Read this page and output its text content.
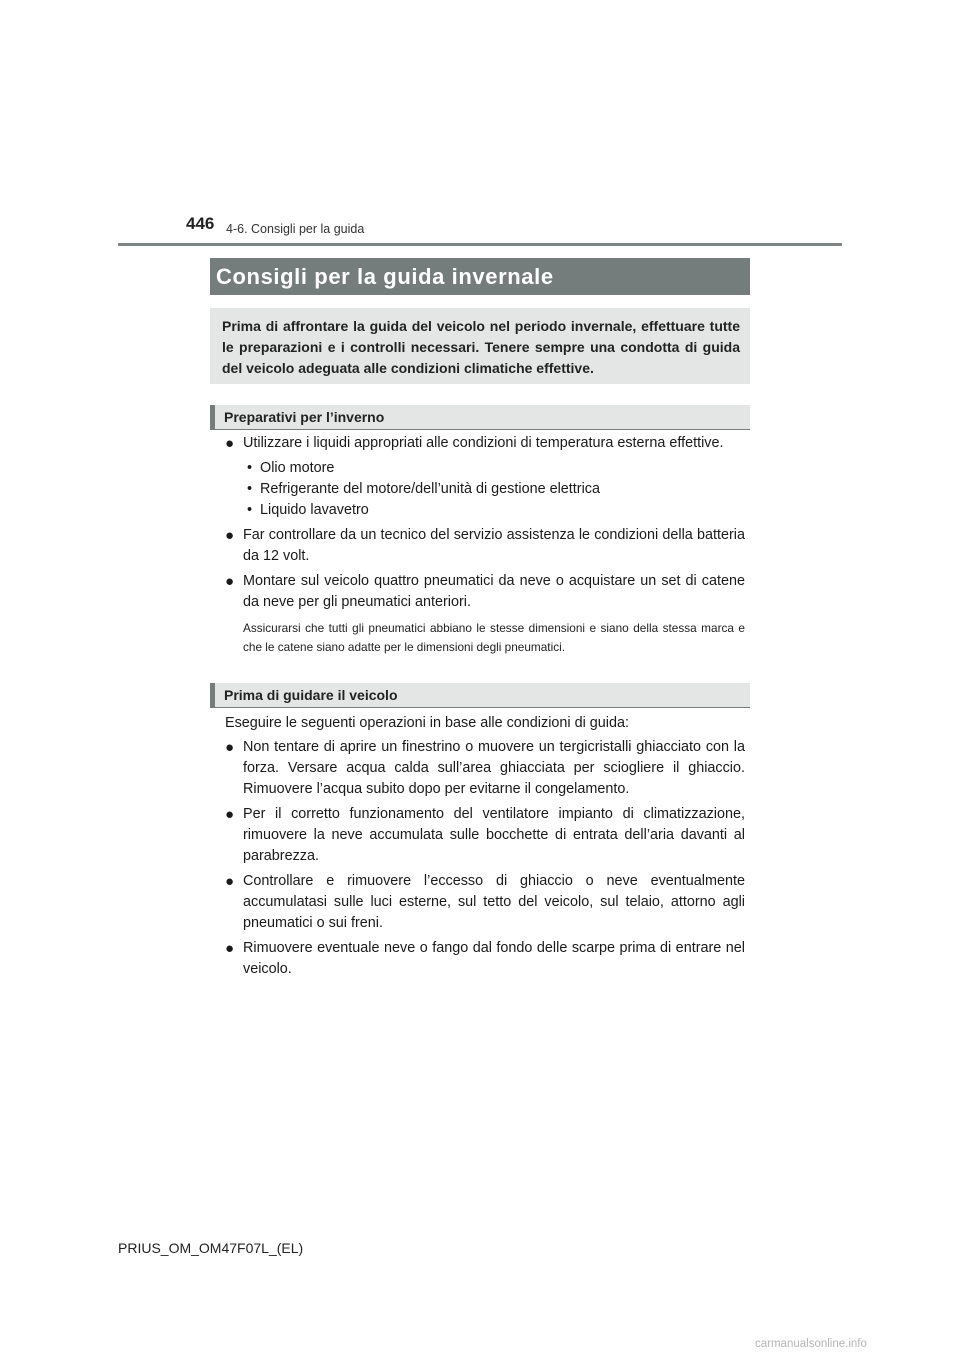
446 4-6. Consigli per la guida
Consigli per la guida invernale
Prima di affrontare la guida del veicolo nel periodo invernale, effettuare tutte le preparazioni e i controlli necessari. Tenere sempre una condotta di guida del veicolo adeguata alle condizioni climatiche effettive.
Preparativi per l’inverno
● Utilizzare i liquidi appropriati alle condizioni di temperatura esterna effettive.
• Olio motore
• Refrigerante del motore/dell’unità di gestione elettrica
• Liquido lavavetro
● Far controllare da un tecnico del servizio assistenza le condizioni della batteria da 12 volt.
● Montare sul veicolo quattro pneumatici da neve o acquistare un set di catene da neve per gli pneumatici anteriori.
Assicurarsi che tutti gli pneumatici abbiano le stesse dimensioni e siano della stessa marca e che le catene siano adatte per le dimensioni degli pneumatici.
Prima di guidare il veicolo
Eseguire le seguenti operazioni in base alle condizioni di guida:
● Non tentare di aprire un finestrino o muovere un tergicristalli ghiacciato con la forza. Versare acqua calda sull’area ghiacciata per sciogliere il ghiaccio. Rimuovere l’acqua subito dopo per evitarne il congelamento.
● Per il corretto funzionamento del ventilatore impianto di climatizzazione, rimuovere la neve accumulata sulle bocchette di entrata dell’aria davanti al parabrezza.
● Controllare e rimuovere l’eccesso di ghiaccio o neve eventualmente accumulatasi sulle luci esterne, sul tetto del veicolo, sul telaio, attorno agli pneumatici o sui freni.
● Rimuovere eventuale neve o fango dal fondo delle scarpe prima di entrare nel veicolo.
PRIUS_OM_OM47F07L_(EL)
carmanualsonline.info
